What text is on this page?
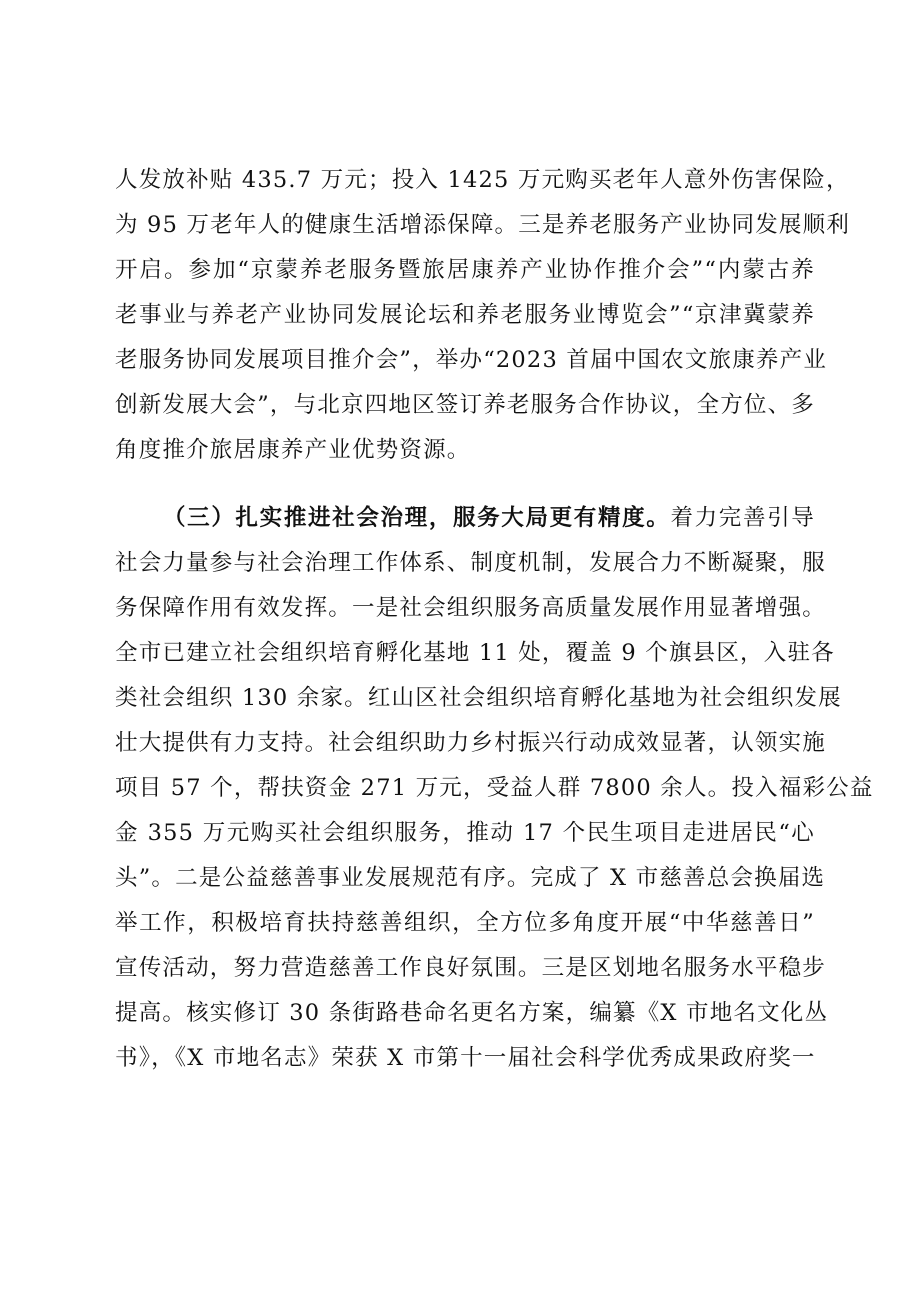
人发放补贴 435.7 万元；投入 1425 万元购买老年人意外伤害保险，
为 95 万老年人的健康生活增添保障。三是养老服务产业协同发展顺利
开启。参加“京蒙养老服务暨旅居康养产业协作推介会”“内蒙古养
老事业与养老产业协同发展论坛和养老服务业博览会”“京津冀蒙养
老服务协同发展项目推介会”，举办“2023 首届中国农文旅康养产业
创新发展大会”，与北京四地区签订养老服务合作协议，全方位、多
角度推介旅居康养产业优势资源。
（三）扎实推进社会治理，服务大局更有精度。着力完善引导
社会力量参与社会治理工作体系、制度机制，发展合力不断凝聚，服
务保障作用有效发挥。一是社会组织服务高质量发展作用显著增强。
全市已建立社会组织培育孵化基地 11 处，覆盖 9 个旗县区，入驻各
类社会组织 130 余家。红山区社会组织培育孵化基地为社会组织发展
壮大提供有力支持。社会组织助力乡村振兴行动成效显著，认领实施
项目 57 个，帮扶资金 271 万元，受益人群 7800 余人。投入福彩公益
金 355 万元购买社会组织服务，推动 17 个民生项目走进居民“心
头”。二是公益慈善事业发展规范有序。完成了 X 市慈善总会换届选
举工作，积极培育扶持慈善组织，全方位多角度开展“中华慈善日”
宣传活动，努力营造慈善工作良好氛围。三是区划地名服务水平稳步
提高。核实修订 30 条街路巷命名更名方案，编纂《X 市地名文化丛
书》，《X 市地名志》荣获 X 市第十一届社会科学优秀成果政府奖一
